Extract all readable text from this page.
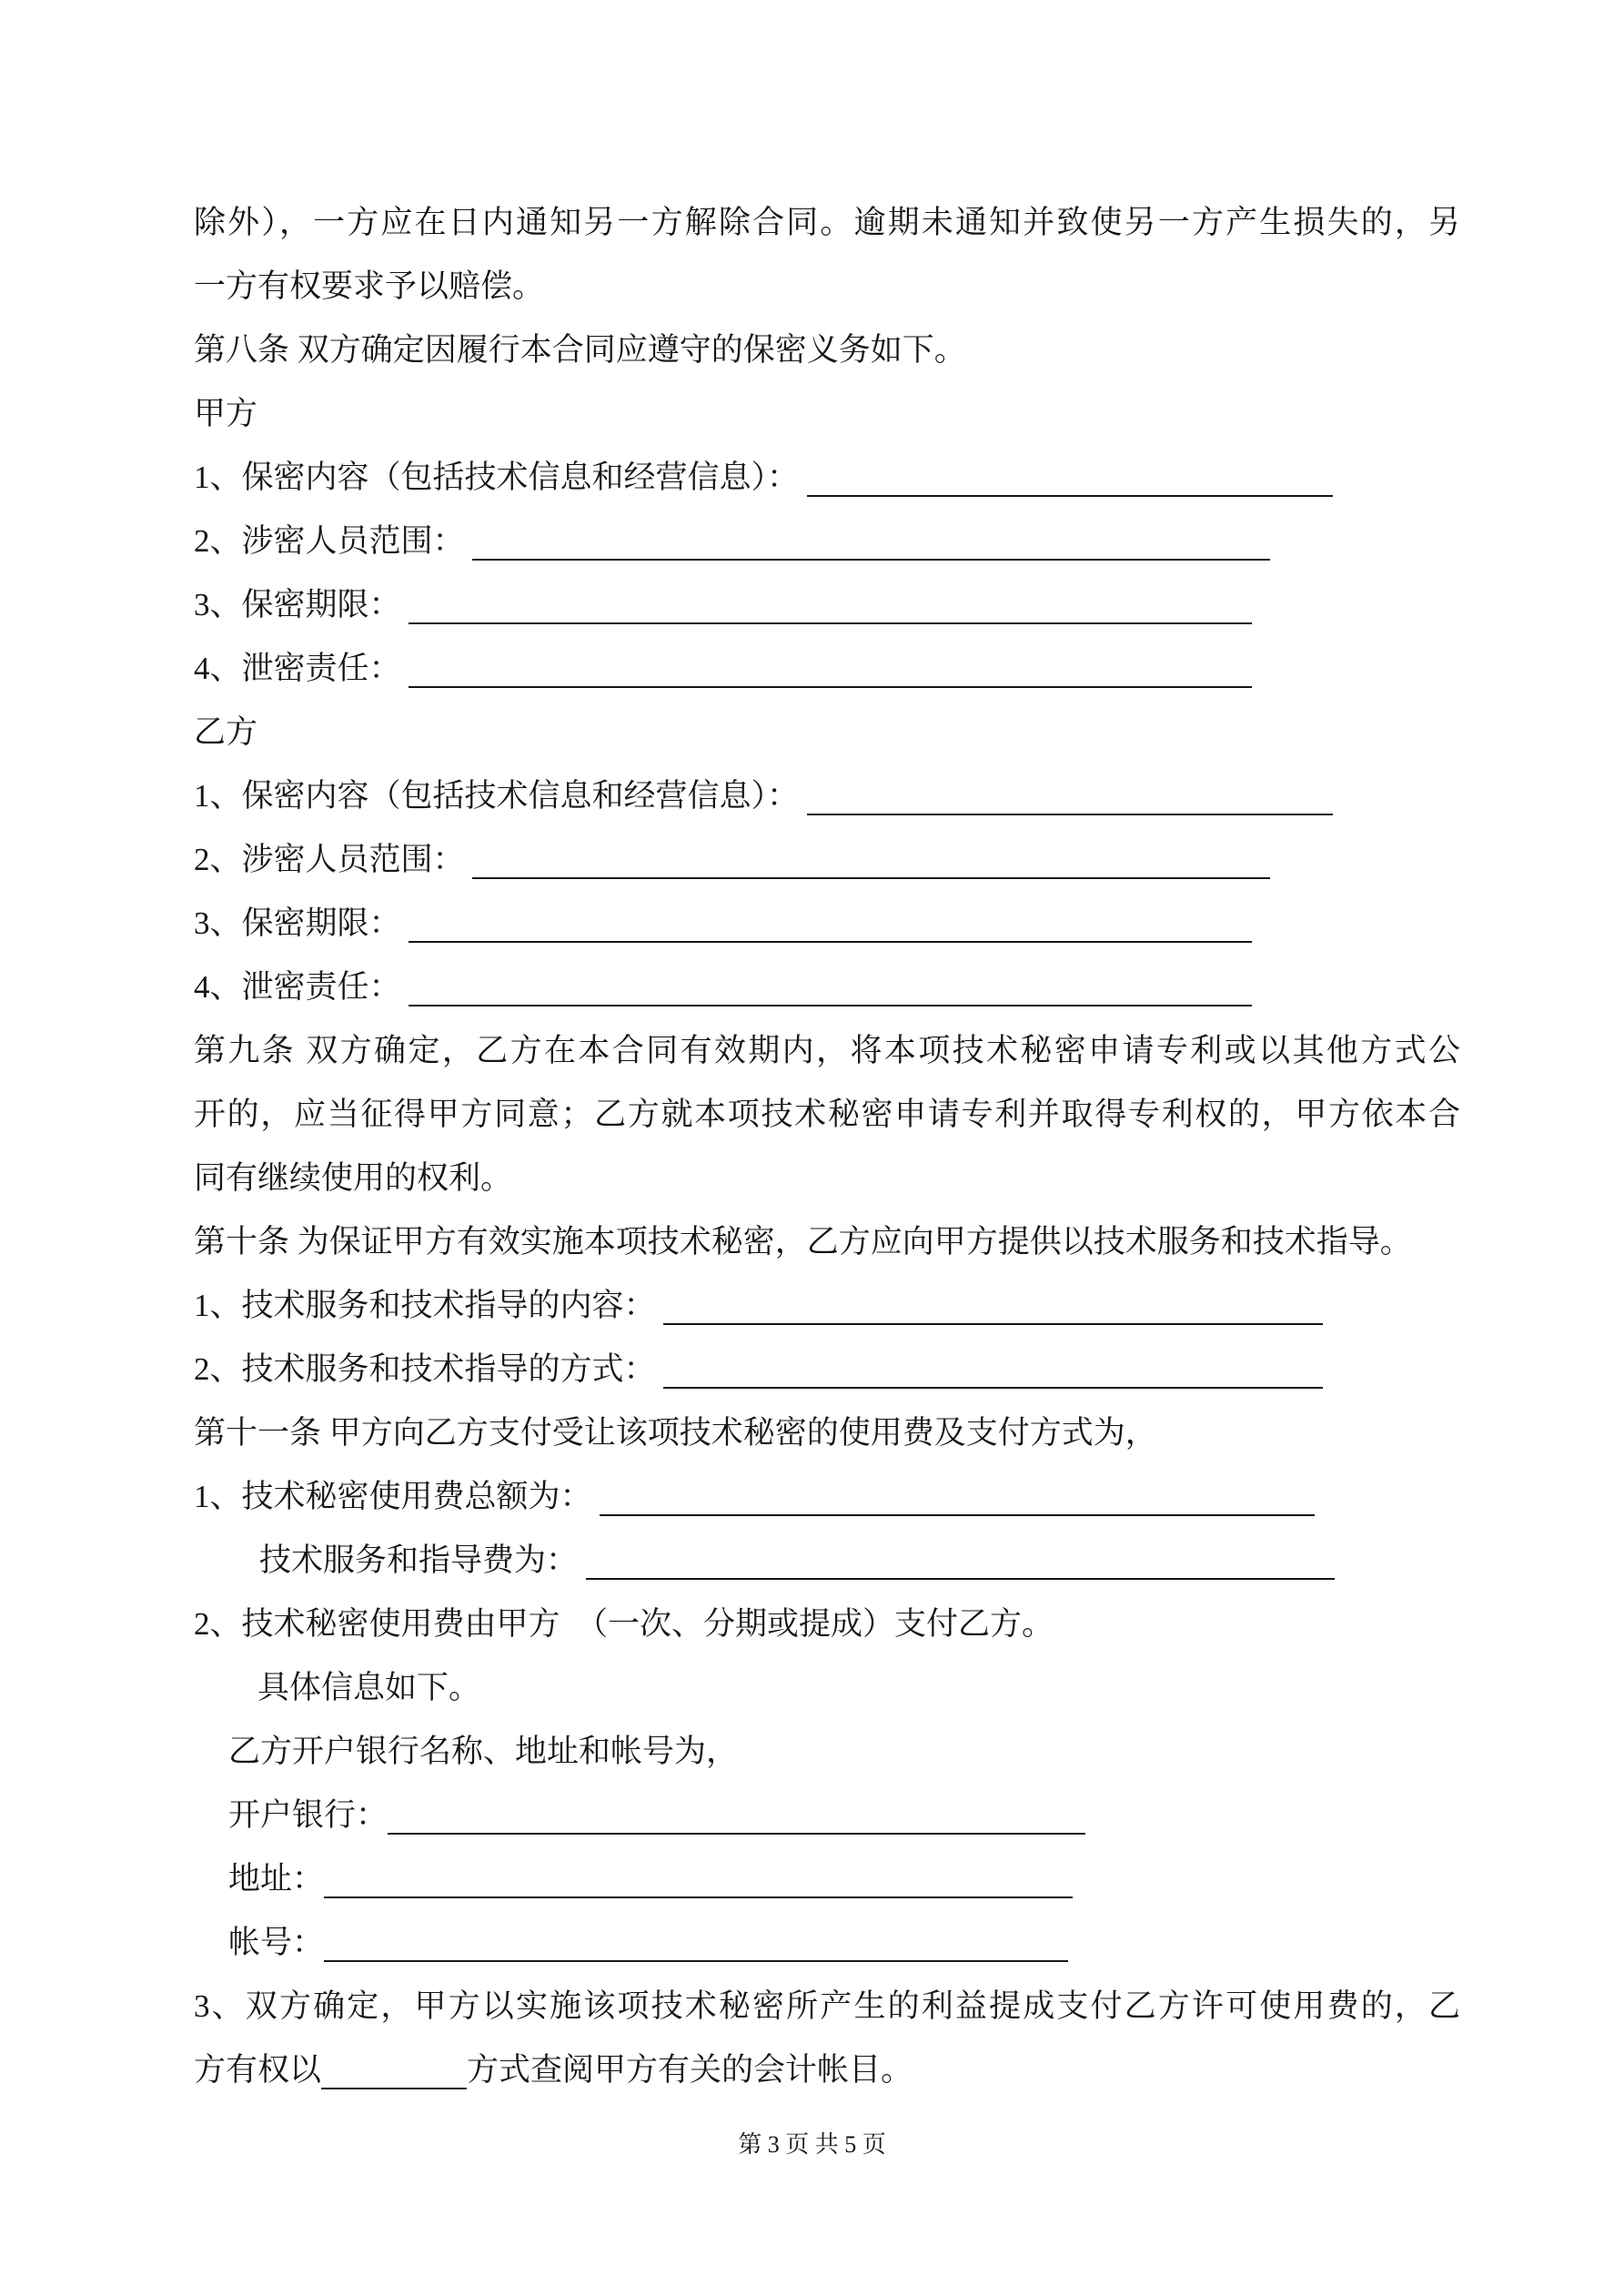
除外），一方应在日内通知另一方解除合同。逾期未通知并致使另一方产生损失的，另
一方有权要求予以赔偿。
第八条 双方确定因履行本合同应遵守的保密义务如下。
甲方
1、保密内容（包括技术信息和经营信息）：
2、涉密人员范围：
3、保密期限：
4、泄密责任：
乙方
1、保密内容（包括技术信息和经营信息）：
2、涉密人员范围：
3、保密期限：
4、泄密责任：
第九条 双方确定，乙方在本合同有效期内，将本项技术秘密申请专利或以其他方式公
开的，应当征得甲方同意；乙方就本项技术秘密申请专利并取得专利权的，甲方依本合
同有继续使用的权利。
第十条 为保证甲方有效实施本项技术秘密，乙方应向甲方提供以技术服务和技术指导。
1、技术服务和技术指导的内容：
2、技术服务和技术指导的方式：
第十一条 甲方向乙方支付受让该项技术秘密的使用费及支付方式为，
1、技术秘密使用费总额为：
技术服务和指导费为：
2、技术秘密使用费由甲方　（一次、分期或提成）支付乙方。
具体信息如下。
乙方开户银行名称、地址和帐号为，
开户银行：
地址：
帐号：
3、双方确定，甲方以实施该项技术秘密所产生的利益提成支付乙方许可使用费的，乙
方有权以	方式查阅甲方有关的会计帐目。
第 3 页 共 5 页
